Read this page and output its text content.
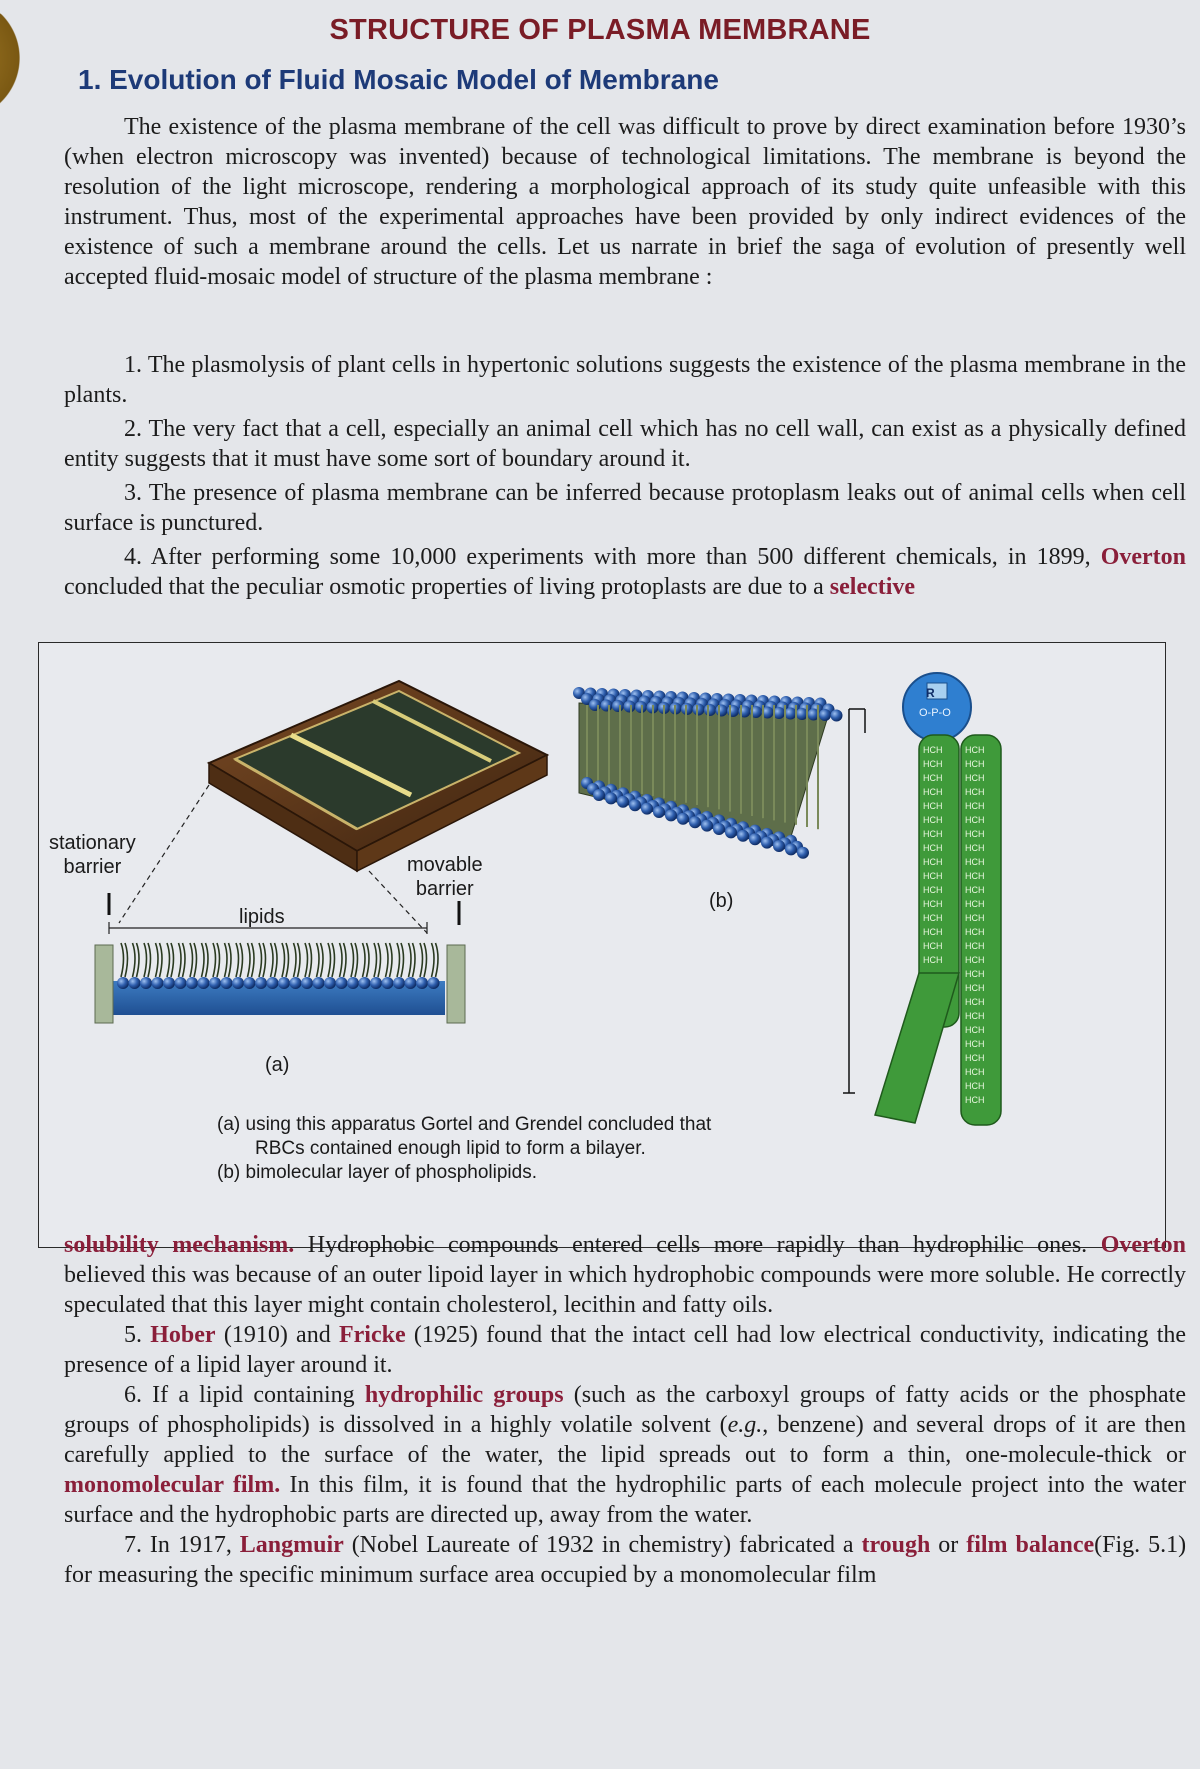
STRUCTURE OF PLASMA MEMBRANE
1. Evolution of Fluid Mosaic Model of Membrane

The existence of the plasma membrane of the cell was difficult to prove by direct examination before 1930’s (when electron microscopy was invented) because of technological limitations. The membrane is beyond the resolution of the light microscope, rendering a morphological approach of its study quite unfeasible with this instrument. Thus, most of the experimental approaches have been provided by only indirect evidences of the existence of such a membrane around the cells. Let us narrate in brief the saga of evolution of presently well accepted fluid-mosaic model of structure of the plasma membrane :

1. The plasmolysis of plant cells in hypertonic solutions suggests the existence of the plasma membrane in the plants.

2. The very fact that a cell, especially an animal cell which has no cell wall, can exist as a physically defined entity suggests that it must have some sort of boundary around it.

3. The presence of plasma membrane can be inferred because protoplasm leaks out of animal cells when cell surface is punctured.

4. After performing some 10,000 experiments with more than 500 different chemicals, in 1899, Overton concluded that the peculiar osmotic properties of living protoplasts are due to a selective

HCH
HCH
HCH
HCH
HCH
HCH
HCH
HCH
HCH
HCH
HCH
HCH
HCH
HCH
HCH
HCH
HCH
HCH
HCH
HCH
HCH
HCH
HCH
HCH
HCH
HCH
HCH
HCH
HCH
HCH
HCH
HCH
HCH
HCH
HCH
HCH
HCH
HCH
HCH
HCH
HCH
HCH
stationary
barrier	movable
barrier
lipids
(a)
(b)
R
O-P-O
(a) using this apparatus Gortel and Grendel concluded that
RBCs contained enough lipid to form a bilayer.
(b) bimolecular layer of phospholipids.

solubility mechanism. Hydrophobic compounds entered cells more rapidly than hydrophilic ones. Overton believed this was because of an outer lipoid layer in which hydrophobic compounds were more soluble. He correctly speculated that this layer might contain cholesterol, lecithin and fatty oils.

5. Hober (1910) and Fricke (1925) found that the intact cell had low electrical conductivity, indicating the presence of a lipid layer around it.

6. If a lipid containing hydrophilic groups (such as the carboxyl groups of fatty acids or the phosphate groups of phospholipids) is dissolved in a highly volatile solvent (e.g., benzene) and several drops of it are then carefully applied to the surface of the water, the lipid spreads out to form a thin, one-molecule-thick or monomolecular film. In this film, it is found that the hydrophilic parts of each molecule project into the water surface and the hydrophobic parts are directed up, away from the water.

7. In 1917, Langmuir (Nobel Laureate of 1932 in chemistry) fabricated a trough or film balance(Fig. 5.1) for measuring the specific minimum surface area occupied by a monomolecular film
